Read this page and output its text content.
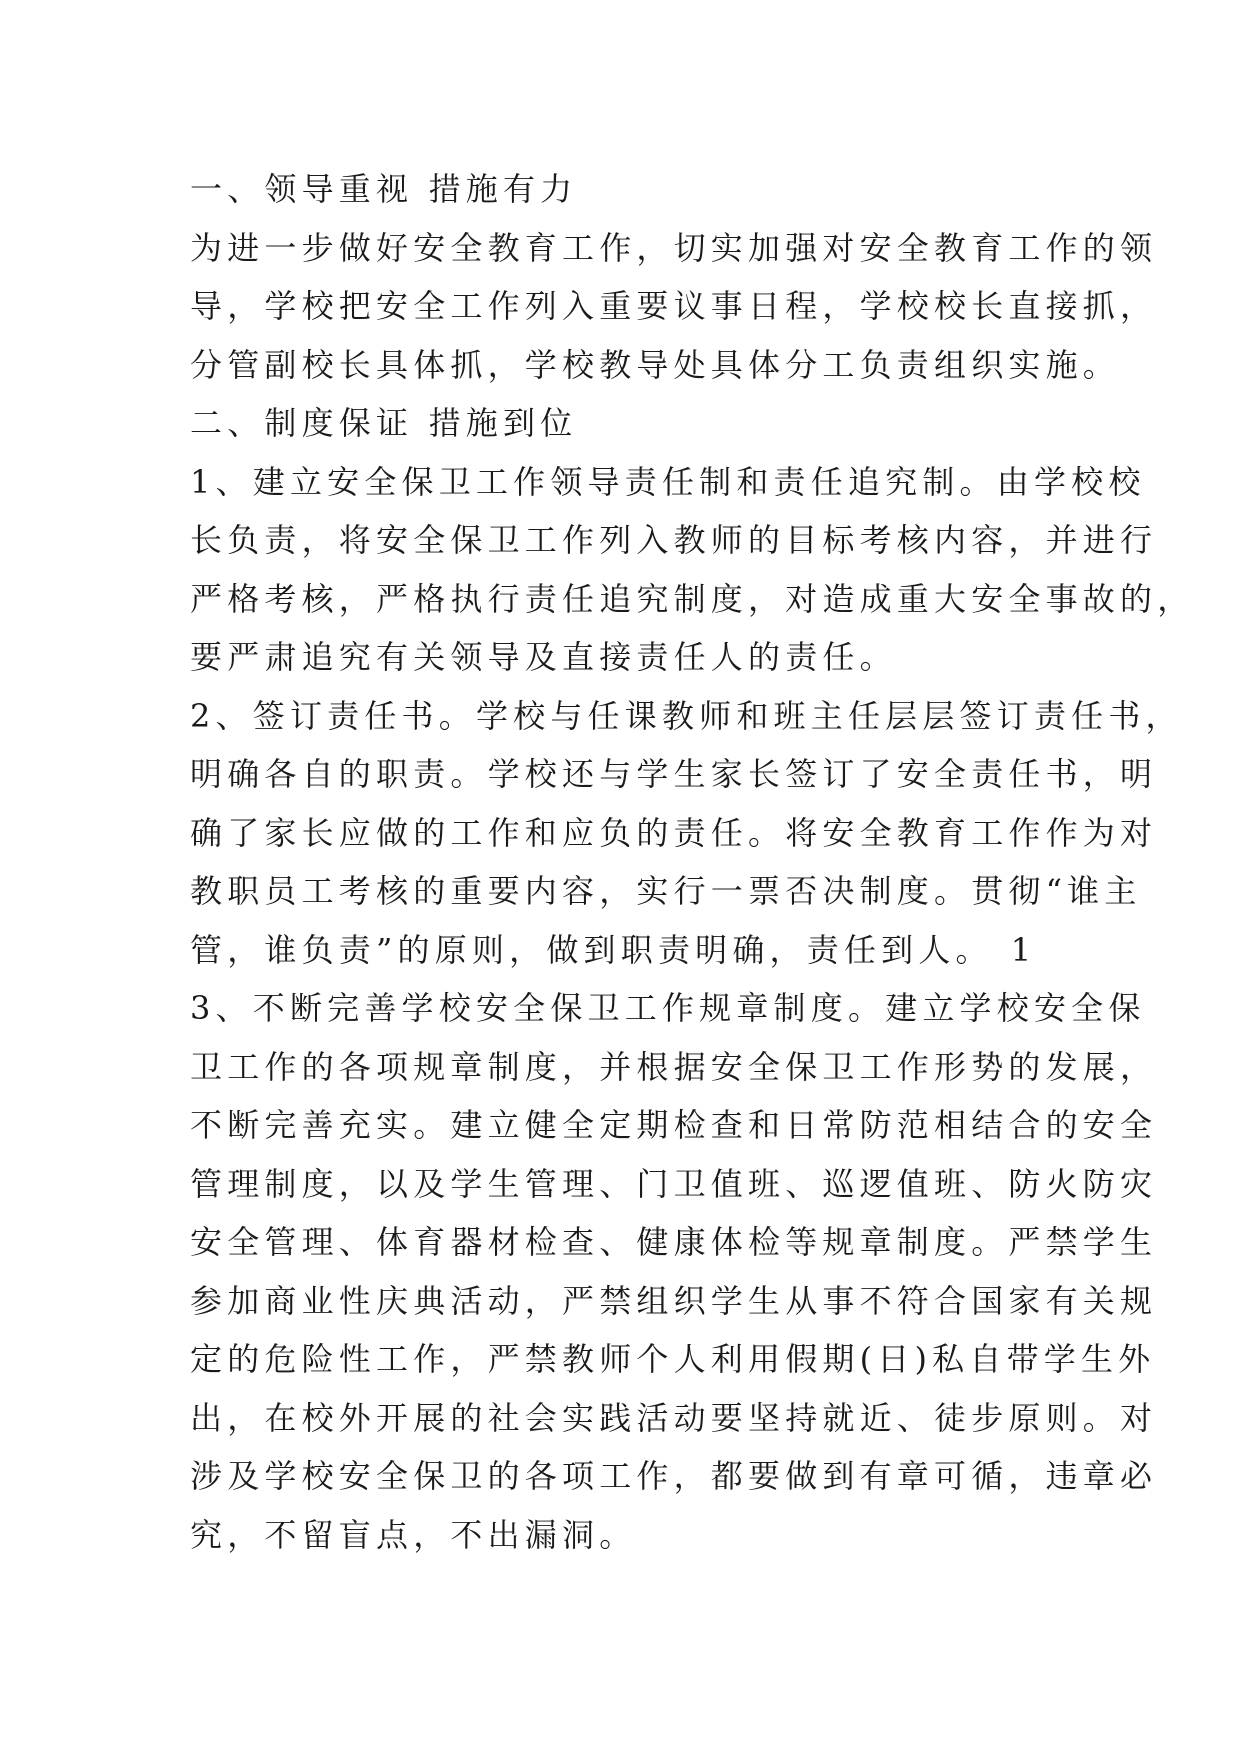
一、领导重视 措施有力
为进一步做好安全教育工作，切实加强对安全教育工作的领
导，学校把安全工作列入重要议事日程，学校校长直接抓，
分管副校长具体抓，学校教导处具体分工负责组织实施。
二、制度保证 措施到位
1、建立安全保卫工作领导责任制和责任追究制。由学校校
长负责，将安全保卫工作列入教师的目标考核内容，并进行
严格考核，严格执行责任追究制度，对造成重大安全事故的，
要严肃追究有关领导及直接责任人的责任。
2、签订责任书。学校与任课教师和班主任层层签订责任书，
明确各自的职责。学校还与学生家长签订了安全责任书，明
确了家长应做的工作和应负的责任。将安全教育工作作为对
教职员工考核的重要内容，实行一票否决制度。贯彻“谁主
管，谁负责”的原则，做到职责明确，责任到人。 1
3、不断完善学校安全保卫工作规章制度。建立学校安全保
卫工作的各项规章制度，并根据安全保卫工作形势的发展，
不断完善充实。建立健全定期检查和日常防范相结合的安全
管理制度，以及学生管理、门卫值班、巡逻值班、防火防灾
安全管理、体育器材检查、健康体检等规章制度。严禁学生
参加商业性庆典活动，严禁组织学生从事不符合国家有关规
定的危险性工作，严禁教师个人利用假期(日)私自带学生外
出，在校外开展的社会实践活动要坚持就近、徒步原则。对
涉及学校安全保卫的各项工作，都要做到有章可循，违章必
究，不留盲点，不出漏洞。
